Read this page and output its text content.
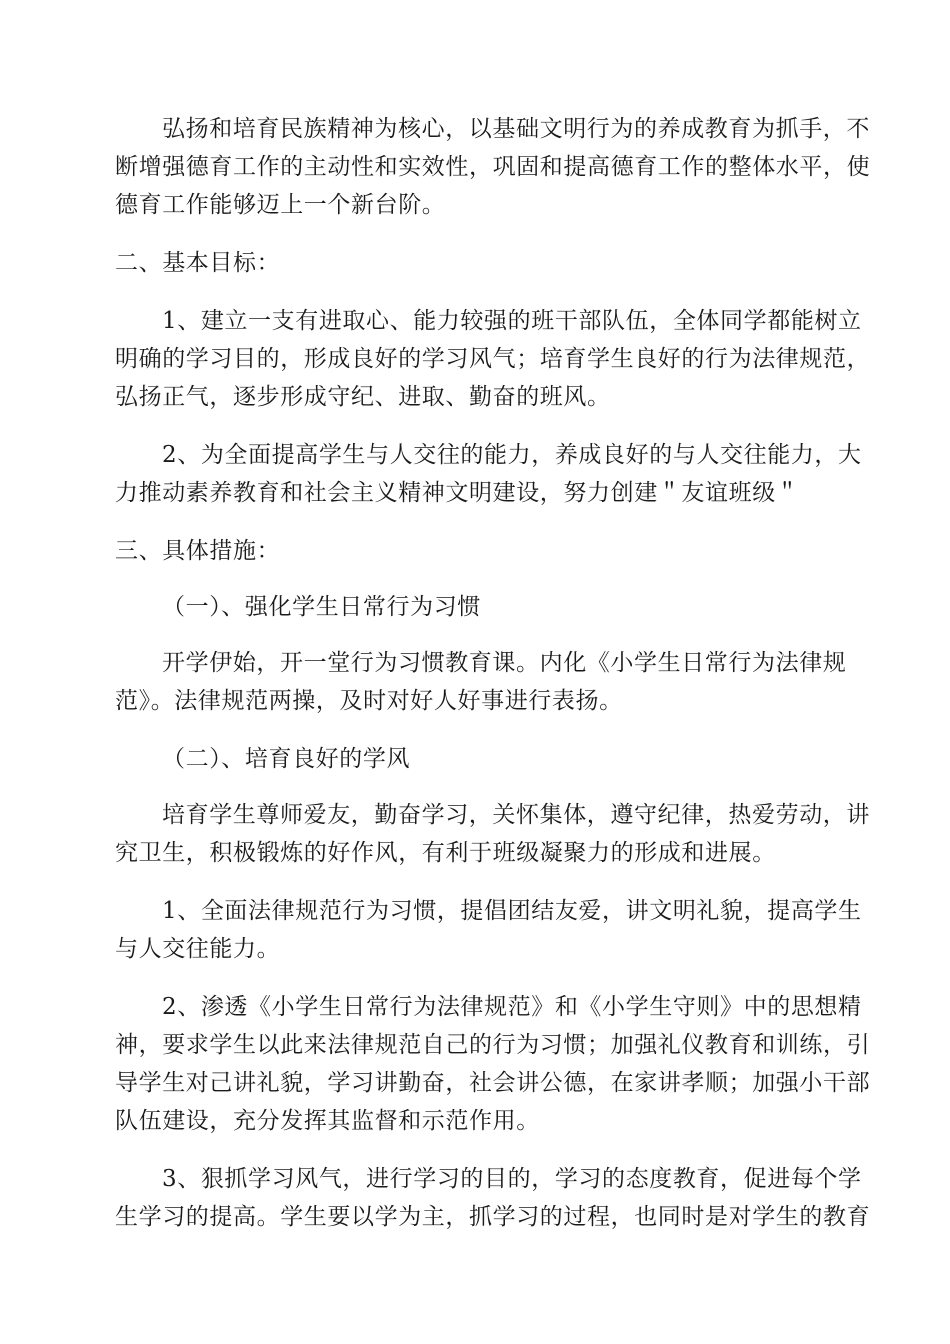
弘扬和培育民族精神为核心，以基础文明行为的养成教育为抓手，不
断增强德育工作的主动性和实效性，巩固和提高德育工作的整体水平，使
德育工作能够迈上一个新台阶。
二、基本目标：
1、建立一支有进取心、能力较强的班干部队伍，全体同学都能树立
明确的学习目的，形成良好的学习风气；培育学生良好的行为法律规范，
弘扬正气，逐步形成守纪、进取、勤奋的班风。
2、为全面提高学生与人交往的能力，养成良好的与人交往能力，大
力推动素养教育和社会主义精神文明建设，努力创建＂友谊班级＂
三、具体措施：
（一）、强化学生日常行为习惯
开学伊始，开一堂行为习惯教育课。内化《小学生日常行为法律规
范》。法律规范两操，及时对好人好事进行表扬。
（二）、培育良好的学风
培育学生尊师爱友，勤奋学习，关怀集体，遵守纪律，热爱劳动，讲
究卫生，积极锻炼的好作风，有利于班级凝聚力的形成和进展。
1、全面法律规范行为习惯，提倡团结友爱，讲文明礼貌，提高学生
与人交往能力。
2、渗透《小学生日常行为法律规范》和《小学生守则》中的思想精
神，要求学生以此来法律规范自己的行为习惯；加强礼仪教育和训练，引
导学生对己讲礼貌，学习讲勤奋，社会讲公德，在家讲孝顺；加强小干部
队伍建设，充分发挥其监督和示范作用。
3、狠抓学习风气，进行学习的目的，学习的态度教育，促进每个学
生学习的提高。学生要以学为主，抓学习的过程，也同时是对学生的教育
